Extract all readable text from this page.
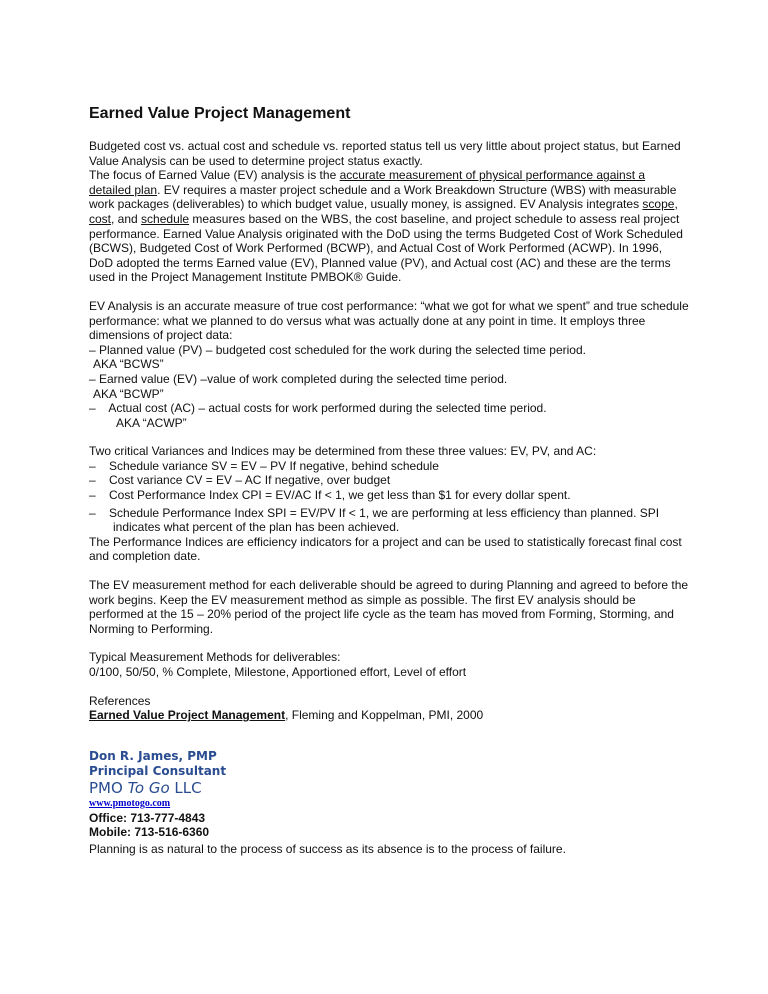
Earned Value Project Management

Budgeted cost vs. actual cost and schedule vs. reported status tell us very little about project status, but Earned Value Analysis can be used to determine project status exactly.

The focus of Earned Value (EV) analysis is the accurate measurement of physical performance against a detailed plan. EV requires a master project schedule and a Work Breakdown Structure (WBS) with measurable work packages (deliverables) to which budget value, usually money, is assigned. EV Analysis integrates scope, cost, and schedule measures based on the WBS, the cost baseline, and project schedule to assess real project performance. Earned Value Analysis originated with the DoD using the terms Budgeted Cost of Work Scheduled (BCWS), Budgeted Cost of Work Performed (BCWP), and Actual Cost of Work Performed (ACWP). In 1996, DoD adopted the terms Earned value (EV), Planned value (PV), and Actual cost (AC) and these are the terms used in the Project Management Institute PMBOK® Guide.

EV Analysis is an accurate measure of true cost performance: “what we got for what we spent” and true schedule performance: what we planned to do versus what was actually done at any point in time. It employs three dimensions of project data:

– Planned value (PV) – budgeted cost scheduled for the work during the selected time period.
AKA “BCWS”
– Earned value (EV) –value of work completed during the selected time period.
AKA “BCWP”
–    Actual cost (AC) – actual costs for work performed during the selected time period.
AKA “ACWP”

Two critical Variances and Indices may be determined from these three values: EV, PV, and AC:

–    Schedule variance SV = EV – PV If negative, behind schedule
–    Cost variance CV = EV – AC If negative, over budget
–    Cost Performance Index CPI = EV/AC If < 1, we get less than $1 for every dollar spent.
–    Schedule Performance Index SPI = EV/PV If < 1, we are performing at less efficiency than planned. SPI indicates what percent of the plan has been achieved.

The Performance Indices are efficiency indicators for a project and can be used to statistically forecast final cost and completion date.

The EV measurement method for each deliverable should be agreed to during Planning and agreed to before the work begins. Keep the EV measurement method as simple as possible. The first EV analysis should be performed at the 15 – 20% period of the project life cycle as the team has moved from Forming, Storming, and Norming to Performing.

Typical Measurement Methods for deliverables:

0/100, 50/50, % Complete, Milestone, Apportioned effort, Level of effort

References

Earned Value Project Management, Fleming and Koppelman, PMI, 2000

Don R. James, PMP
Principal Consultant
PMO To Go LLC
www.pmotogo.com
Office: 713-777-4843
Mobile: 713-516-6360

Planning is as natural to the process of success as its absence is to the process of failure.
